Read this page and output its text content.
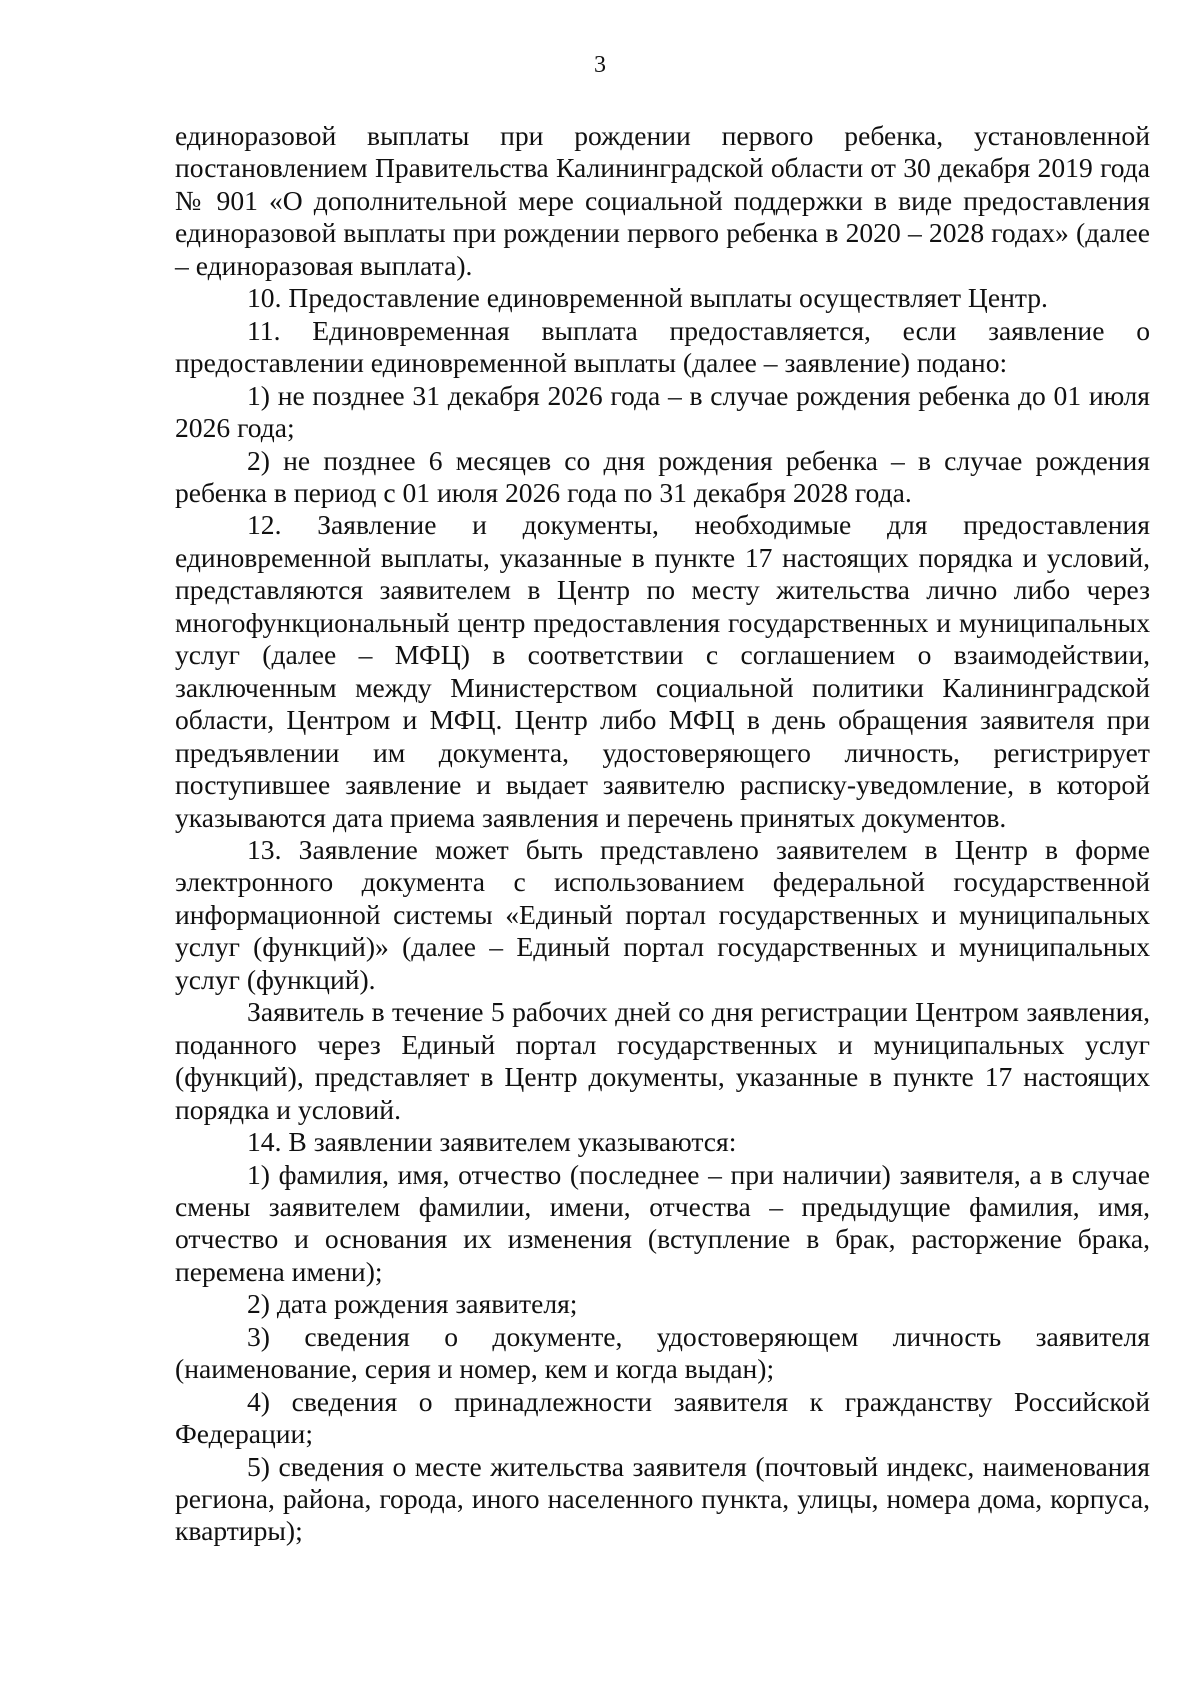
3

единоразовой выплаты при рождении первого ребенка, установленной постановлением Правительства Калининградской области от 30 декабря 2019 года № 901 «О дополнительной мере социальной поддержки в виде предоставления единоразовой выплаты при рождении первого ребенка в 2020 – 2028 годах» (далее – единоразовая выплата).

10. Предоставление единовременной выплаты осуществляет Центр.

11. Единовременная выплата предоставляется, если заявление о предоставлении единовременной выплаты (далее – заявление) подано:

1) не позднее 31 декабря 2026 года – в случае рождения ребенка до 01 июля 2026 года;

2) не позднее 6 месяцев со дня рождения ребенка – в случае рождения ребенка в период с 01 июля 2026 года по 31 декабря 2028 года.

12. Заявление и документы, необходимые для предоставления единовременной выплаты, указанные в пункте 17 настоящих порядка и условий, представляются заявителем в Центр по месту жительства лично либо через многофункциональный центр предоставления государственных и муниципальных услуг (далее – МФЦ) в соответствии с соглашением о взаимодействии, заключенным между Министерством социальной политики Калининградской области, Центром и МФЦ. Центр либо МФЦ в день обращения заявителя при предъявлении им документа, удостоверяющего личность, регистрирует поступившее заявление и выдает заявителю расписку-уведомление, в которой указываются дата приема заявления и перечень принятых документов.

13. Заявление может быть представлено заявителем в Центр в форме электронного документа с использованием федеральной государственной информационной системы «Единый портал государственных и муниципальных услуг (функций)» (далее – Единый портал государственных и муниципальных услуг (функций).

Заявитель в течение 5 рабочих дней со дня регистрации Центром заявления, поданного через Единый портал государственных и муниципальных услуг (функций), представляет в Центр документы, указанные в пункте 17 настоящих порядка и условий.

14. В заявлении заявителем указываются:

1) фамилия, имя, отчество (последнее – при наличии) заявителя, а в случае смены заявителем фамилии, имени, отчества – предыдущие фамилия, имя, отчество и основания их изменения (вступление в брак, расторжение брака, перемена имени);

2) дата рождения заявителя;

3) сведения о документе, удостоверяющем личность заявителя (наименование, серия и номер, кем и когда выдан);

4) сведения о принадлежности заявителя к гражданству Российской Федерации;

5) сведения о месте жительства заявителя (почтовый индекс, наименования региона, района, города, иного населенного пункта, улицы, номера дома, корпуса, квартиры);
